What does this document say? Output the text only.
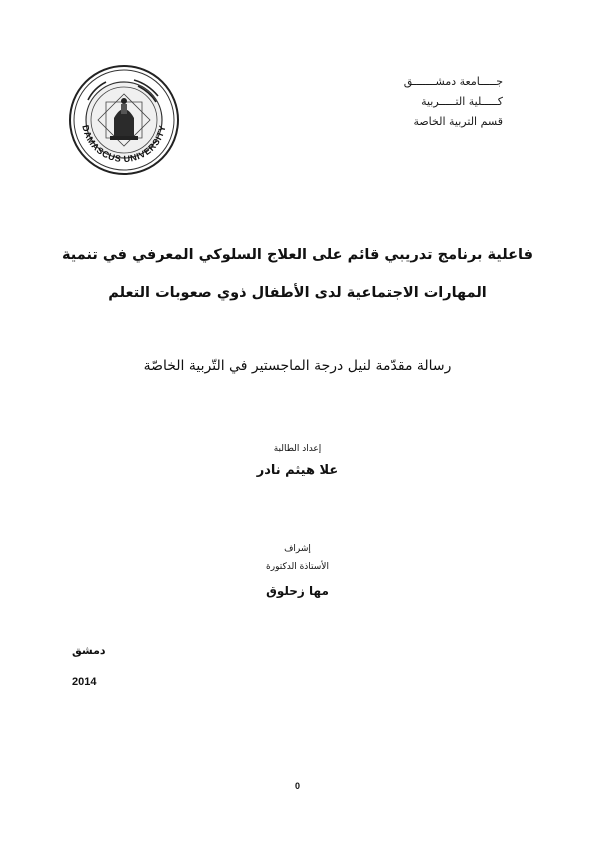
DAMASCUS UNIVERSITY
جـــــامعة دمشـــــــق
كـــــلية التـــــربية
قسم التربية الخاصة
فاعلية برنامج تدريبي قائم على العلاج السلوكي المعرفي في تنمية
المهارات الاجتماعية لدى الأطفال ذوي صعوبات التعلم
رسالة مقدّمة لنيل درجة الماجستير في التّربية الخاصّة
إعداد الطالبة
علا هيثم نادر
إشراف
الأستاذة الدكتورة
مها زحلوق
دمشق
2014
0
